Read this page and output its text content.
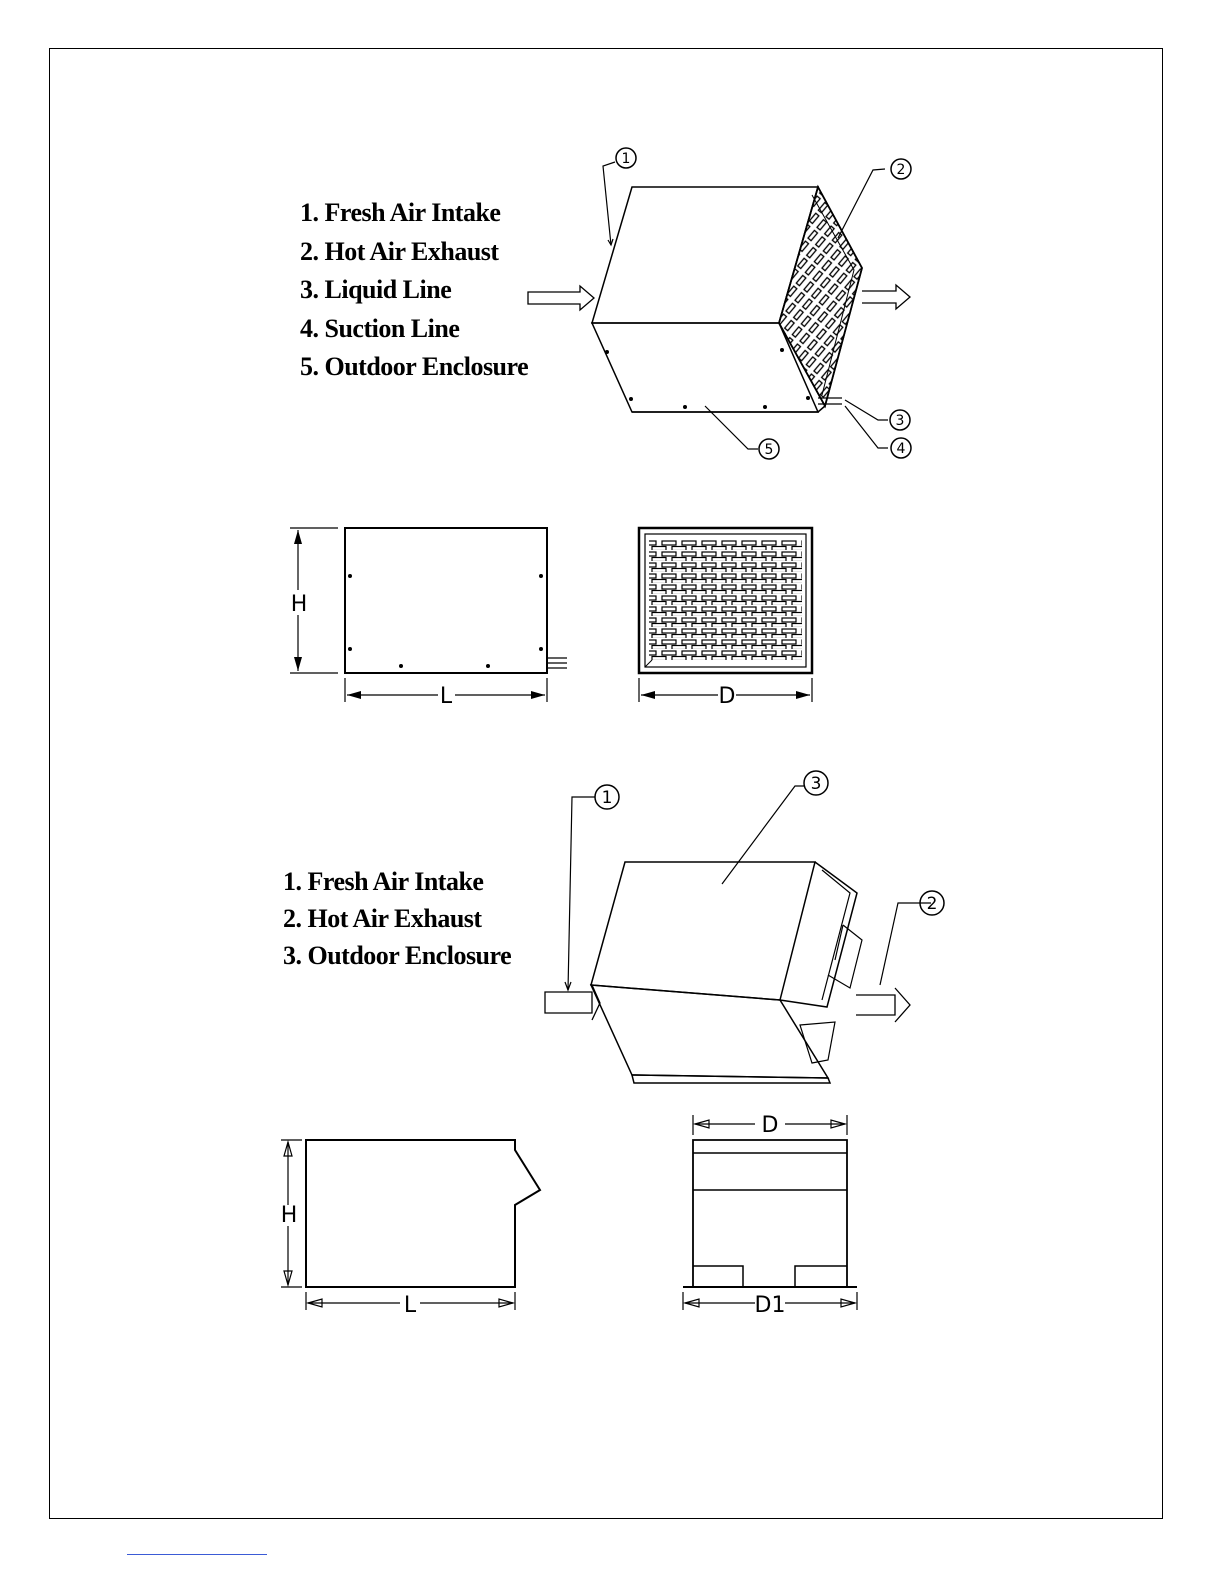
1. Fresh Air Intake
2. Hot Air Exhaust
3. Liquid Line
4. Suction Line
5. Outdoor Enclosure
1. Fresh Air Intake
2. Hot Air Exhaust
3. Outdoor Enclosure
1
2
3
4
5
H
L	D
1
3
2
H
L
D
D1
